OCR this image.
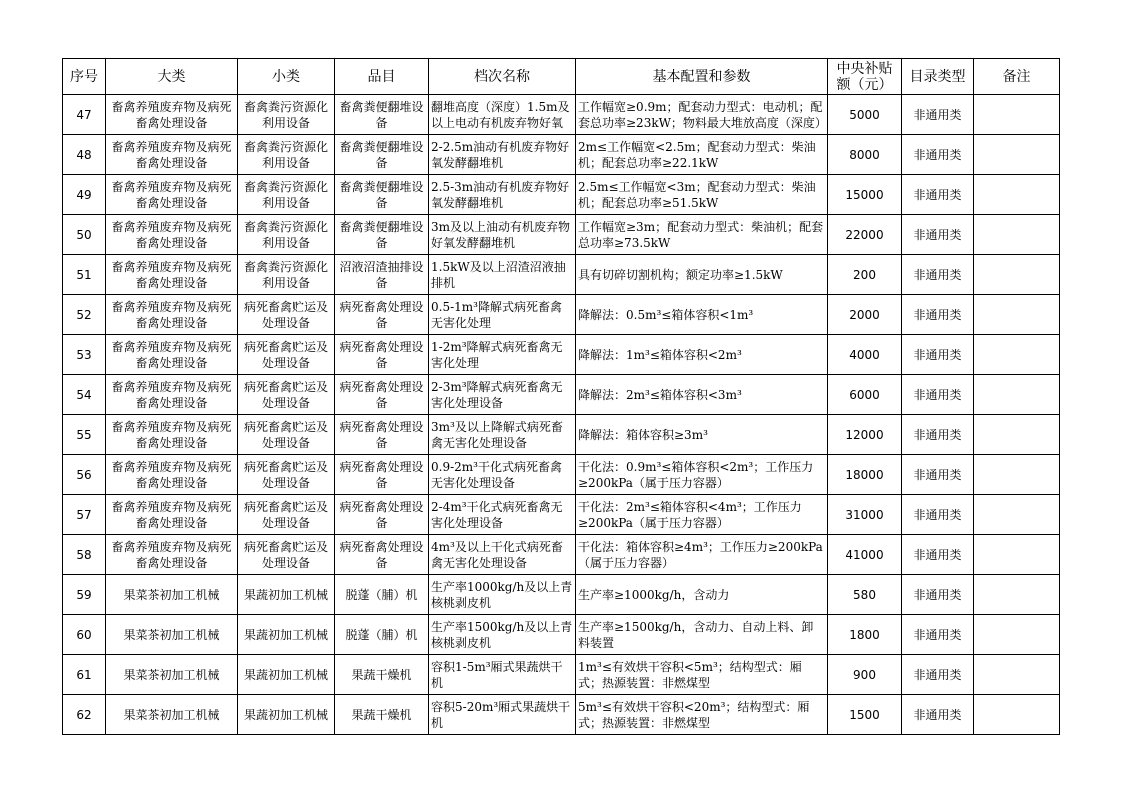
序号	大类	小类	品目	档次名称	基本配置和参数	中央补贴额（元）	目录类型	备注

47	畜禽养殖废弃物及病死畜禽处理设备	畜禽粪污资源化利用设备	畜禽粪便翻堆设备	翻堆高度（深度）1.5m及以上电动有机废弃物好氧	工作幅宽≥0.9m；配套动力型式：电动机；配套总功率≥23kW；物料最大堆放高度（深度）	5000	非通用类	

48	畜禽养殖废弃物及病死畜禽处理设备	畜禽粪污资源化利用设备	畜禽粪便翻堆设备	2-2.5m油动有机废弃物好氧发酵翻堆机	2m≤工作幅宽<2.5m；配套动力型式：柴油机；配套总功率≥22.1kW	8000	非通用类	

49	畜禽养殖废弃物及病死畜禽处理设备	畜禽粪污资源化利用设备	畜禽粪便翻堆设备	2.5-3m油动有机废弃物好氧发酵翻堆机	2.5m≤工作幅宽<3m；配套动力型式：柴油机；配套总功率≥51.5kW	15000	非通用类	

50	畜禽养殖废弃物及病死畜禽处理设备	畜禽粪污资源化利用设备	畜禽粪便翻堆设备	3m及以上油动有机废弃物好氧发酵翻堆机	工作幅宽≥3m；配套动力型式：柴油机；配套总功率≥73.5kW	22000	非通用类	

51	畜禽养殖废弃物及病死畜禽处理设备	畜禽粪污资源化利用设备	沼液沼渣抽排设备	1.5kW及以上沼渣沼液抽排机	具有切碎切割机构；额定功率≥1.5kW	200	非通用类	

52	畜禽养殖废弃物及病死畜禽处理设备	病死畜禽贮运及处理设备	病死畜禽处理设备	0.5-1m³降解式病死畜禽无害化处理	降解法：0.5m³≤箱体容积<1m³	2000	非通用类	

53	畜禽养殖废弃物及病死畜禽处理设备	病死畜禽贮运及处理设备	病死畜禽处理设备	1-2m³降解式病死畜禽无害化处理	降解法：1m³≤箱体容积<2m³	4000	非通用类	

54	畜禽养殖废弃物及病死畜禽处理设备	病死畜禽贮运及处理设备	病死畜禽处理设备	2-3m³降解式病死畜禽无害化处理设备	降解法：2m³≤箱体容积<3m³	6000	非通用类	

55	畜禽养殖废弃物及病死畜禽处理设备	病死畜禽贮运及处理设备	病死畜禽处理设备	3m³及以上降解式病死畜禽无害化处理设备	降解法：箱体容积≥3m³	12000	非通用类	

56	畜禽养殖废弃物及病死畜禽处理设备	病死畜禽贮运及处理设备	病死畜禽处理设备	0.9-2m³干化式病死畜禽无害化处理设备	干化法：0.9m³≤箱体容积<2m³；工作压力≥200kPa（属于压力容器）	18000	非通用类	

57	畜禽养殖废弃物及病死畜禽处理设备	病死畜禽贮运及处理设备	病死畜禽处理设备	2-4m³干化式病死畜禽无害化处理设备	干化法：2m³≤箱体容积<4m³；工作压力≥200kPa（属于压力容器）	31000	非通用类	

58	畜禽养殖废弃物及病死畜禽处理设备	病死畜禽贮运及处理设备	病死畜禽处理设备	4m³及以上干化式病死畜禽无害化处理设备	干化法：箱体容积≥4m³；工作压力≥200kPa（属于压力容器）	41000	非通用类	

59	果菜茶初加工机械	果蔬初加工机械	脱蓬（脯）机	生产率1000kg/h及以上青核桃剥皮机	生产率≥1000kg/h，含动力	580	非通用类	

60	果菜茶初加工机械	果蔬初加工机械	脱蓬（脯）机	生产率1500kg/h及以上青核桃剥皮机	生产率≥1500kg/h，含动力、自动上料、卸料装置	1800	非通用类	

61	果菜茶初加工机械	果蔬初加工机械	果蔬干燥机	容积1-5m³厢式果蔬烘干机	1m³≤有效烘干容积<5m³；结构型式：厢式；热源装置：非燃煤型	900	非通用类	

62	果菜茶初加工机械	果蔬初加工机械	果蔬干燥机	容积5-20m³厢式果蔬烘干机	5m³≤有效烘干容积<20m³；结构型式：厢式；热源装置：非燃煤型	1500	非通用类	
